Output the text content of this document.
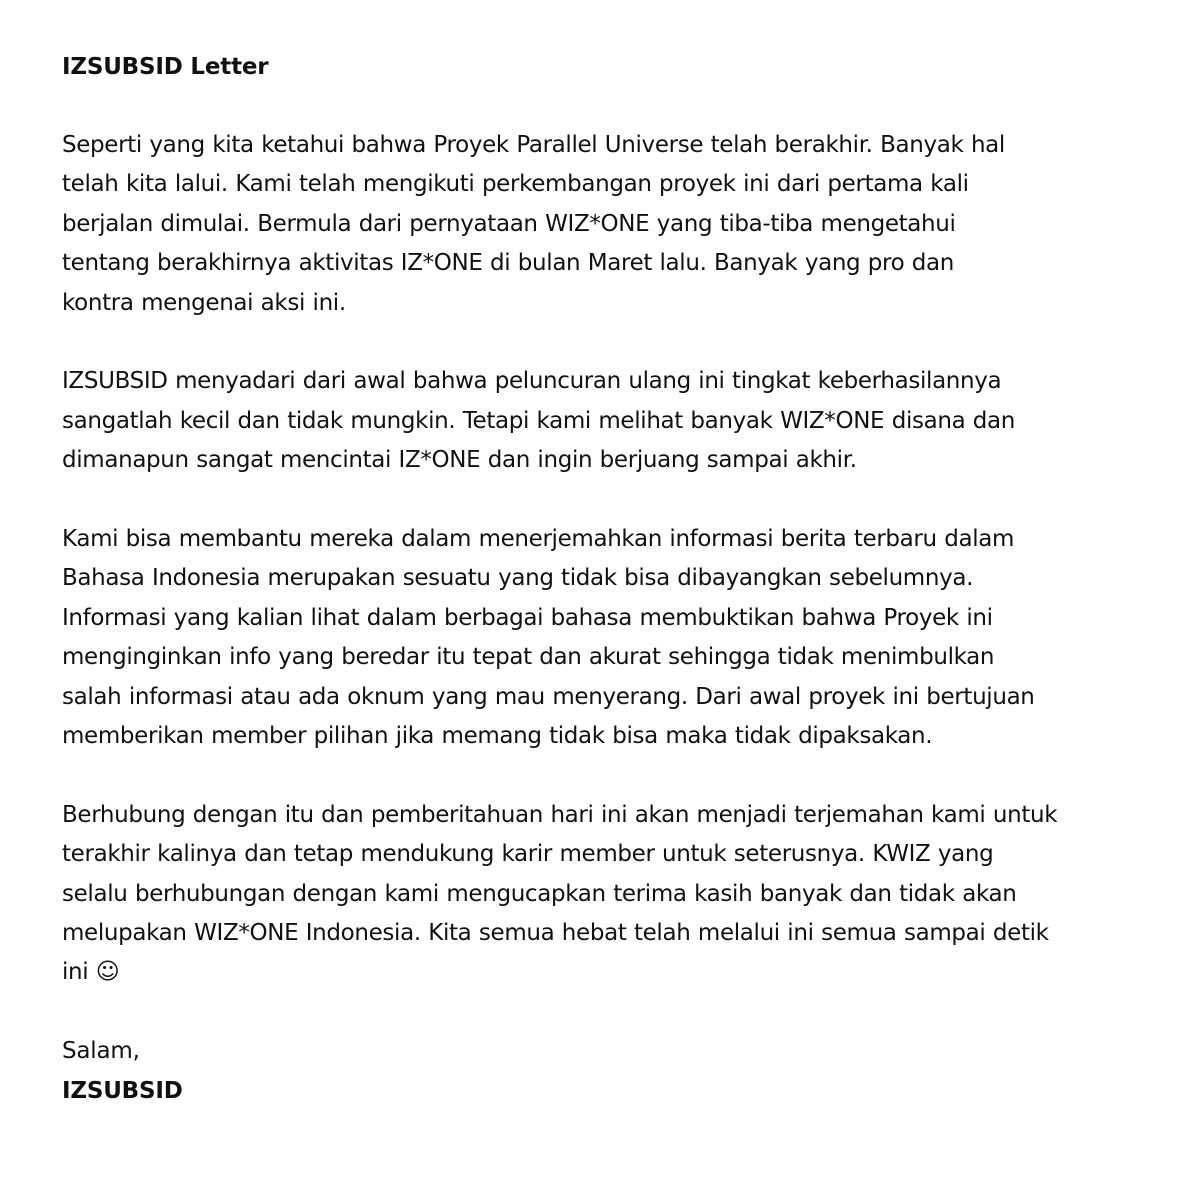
IZSUBSID Letter
Seperti yang kita ketahui bahwa Proyek Parallel Universe telah berakhir. Banyak hal
telah kita lalui. Kami telah mengikuti perkembangan proyek ini dari pertama kali
berjalan dimulai. Bermula dari pernyataan WIZ*ONE yang tiba-tiba mengetahui
tentang berakhirnya aktivitas IZ*ONE di bulan Maret lalu. Banyak yang pro dan
kontra mengenai aksi ini.
IZSUBSID menyadari dari awal bahwa peluncuran ulang ini tingkat keberhasilannya
sangatlah kecil dan tidak mungkin. Tetapi kami melihat banyak WIZ*ONE disana dan
dimanapun sangat mencintai IZ*ONE dan ingin berjuang sampai akhir.
Kami bisa membantu mereka dalam menerjemahkan informasi berita terbaru dalam
Bahasa Indonesia merupakan sesuatu yang tidak bisa dibayangkan sebelumnya.
Informasi yang kalian lihat dalam berbagai bahasa membuktikan bahwa Proyek ini
menginginkan info yang beredar itu tepat dan akurat sehingga tidak menimbulkan
salah informasi atau ada oknum yang mau menyerang. Dari awal proyek ini bertujuan
memberikan member pilihan jika memang tidak bisa maka tidak dipaksakan.
Berhubung dengan itu dan pemberitahuan hari ini akan menjadi terjemahan kami untuk
terakhir kalinya dan tetap mendukung karir member untuk seterusnya. KWIZ yang
selalu berhubungan dengan kami mengucapkan terima kasih banyak dan tidak akan
melupakan WIZ*ONE Indonesia. Kita semua hebat telah melalui ini semua sampai detik
ini ☺
Salam,
IZSUBSID
